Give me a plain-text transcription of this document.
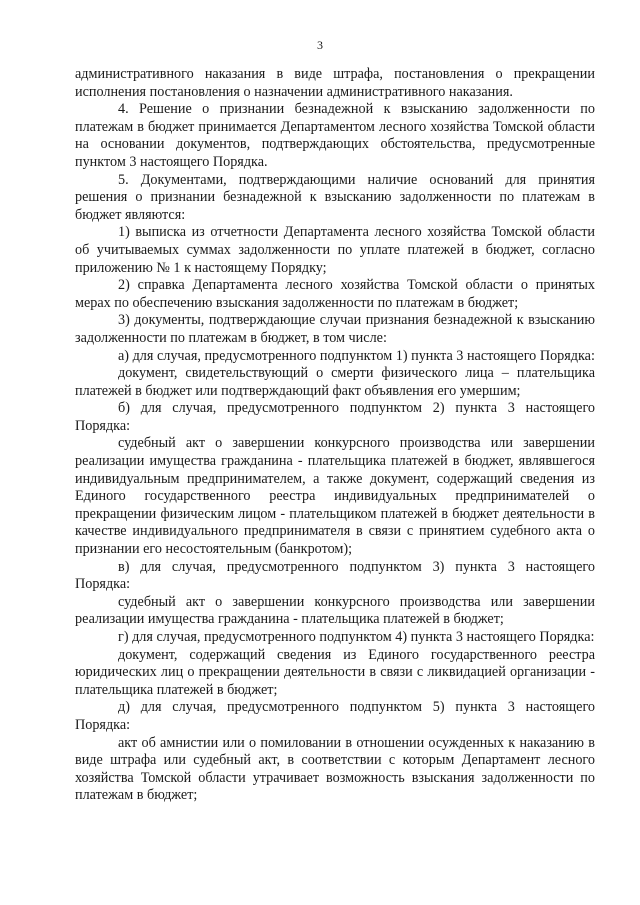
3

административного наказания в виде штрафа, постановления о прекращении исполнения постановления о назначении административного наказания.

4. Решение о признании безнадежной к взысканию задолженности по платежам в бюджет принимается Департаментом лесного хозяйства Томской области на основании документов, подтверждающих обстоятельства, предусмотренные пунктом 3 настоящего Порядка.

5. Документами, подтверждающими наличие оснований для принятия решения о признании безнадежной к взысканию задолженности по платежам в бюджет являются:

1) выписка из отчетности Департамента лесного хозяйства Томской области об учитываемых суммах задолженности по уплате платежей в бюджет, согласно приложению № 1 к настоящему Порядку;

2) справка Департамента лесного хозяйства Томской области о принятых мерах по обеспечению взыскания задолженности по платежам в бюджет;

3) документы, подтверждающие случаи признания безнадежной к взысканию задолженности по платежам в бюджет, в том числе:

а) для случая, предусмотренного подпунктом 1) пункта 3 настоящего Порядка:

документ, свидетельствующий о смерти физического лица – плательщика платежей в бюджет или подтверждающий факт объявления его умершим;

б) для случая, предусмотренного подпунктом 2) пункта 3 настоящего Порядка:

судебный акт о завершении конкурсного производства или завершении реализации имущества гражданина - плательщика платежей в бюджет, являвшегося индивидуальным предпринимателем, а также документ, содержащий сведения из Единого государственного реестра индивидуальных предпринимателей о прекращении физическим лицом - плательщиком платежей в бюджет деятельности в качестве индивидуального предпринимателя в связи с принятием судебного акта о признании его несостоятельным (банкротом);

в) для случая, предусмотренного подпунктом 3) пункта 3 настоящего Порядка:

судебный акт о завершении конкурсного производства или завершении реализации имущества гражданина - плательщика платежей в бюджет;

г) для случая, предусмотренного подпунктом 4) пункта 3 настоящего Порядка:

документ, содержащий сведения из Единого государственного реестра юридических лиц о прекращении деятельности в связи с ликвидацией организации - плательщика платежей в бюджет;

д) для случая, предусмотренного подпунктом 5) пункта 3 настоящего Порядка:

акт об амнистии или о помиловании в отношении осужденных к наказанию в виде штрафа или судебный акт, в соответствии с которым Департамент лесного хозяйства Томской области утрачивает возможность взыскания задолженности по платежам в бюджет;
